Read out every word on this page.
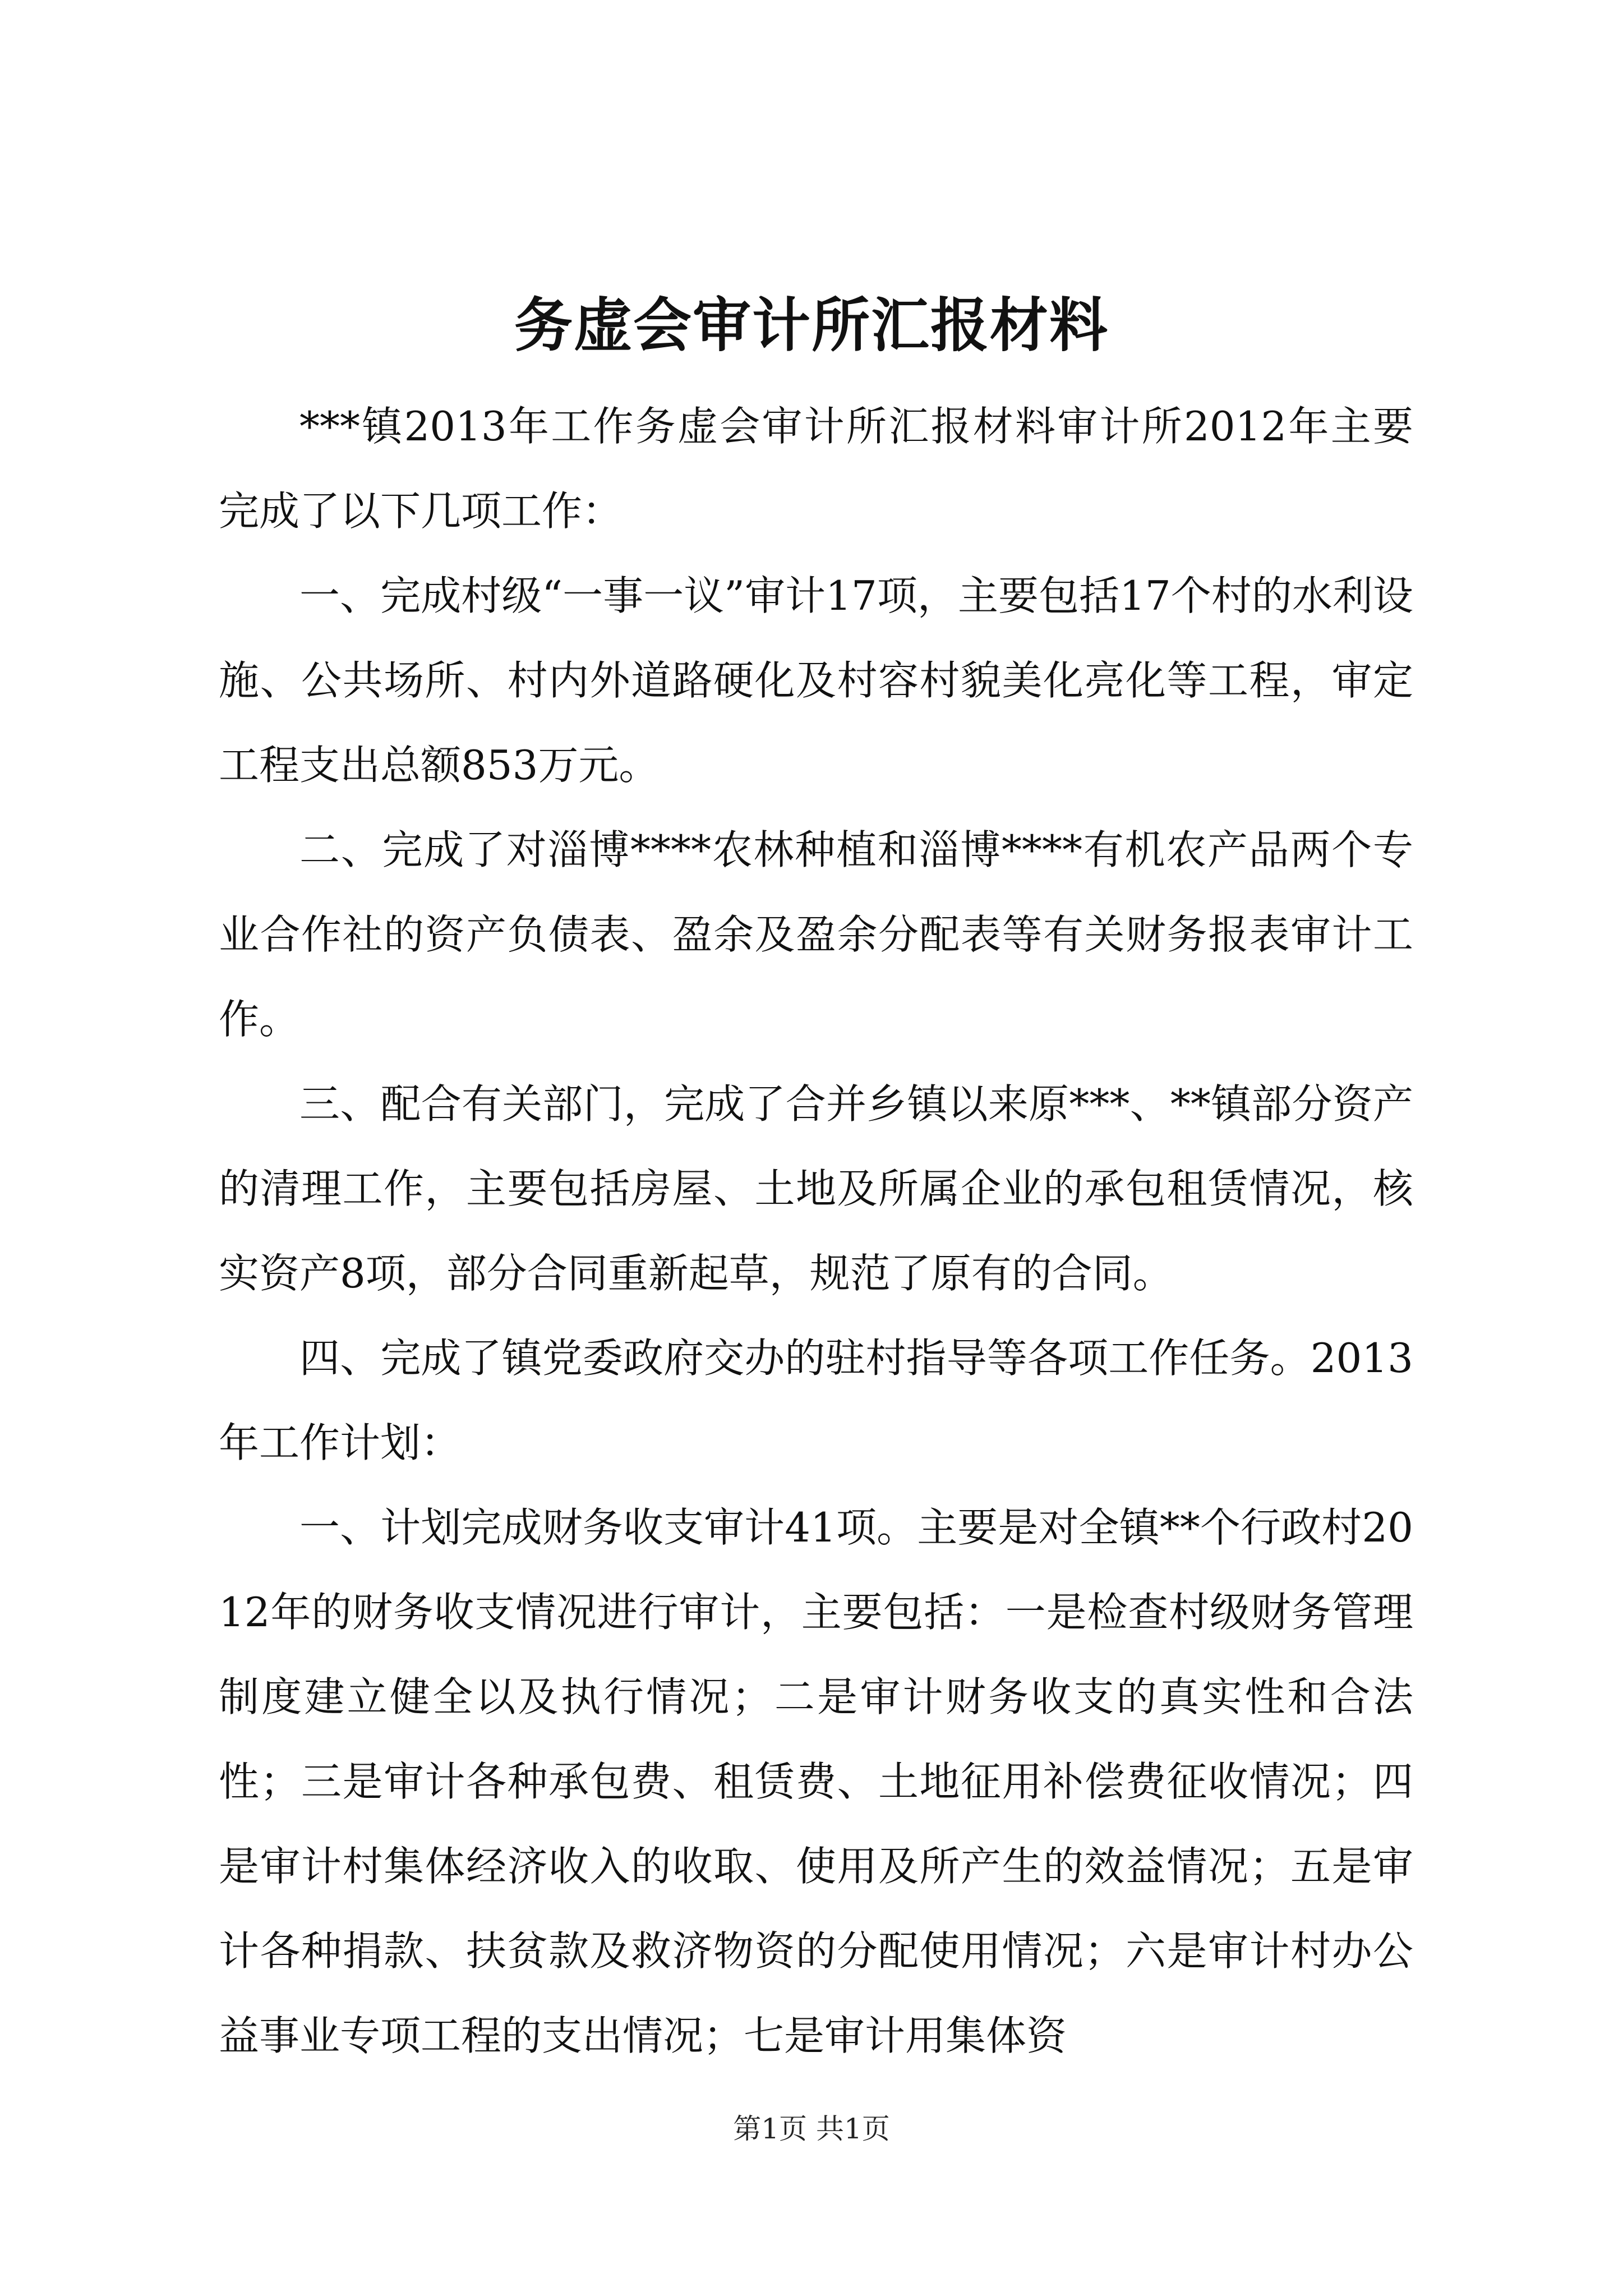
务虚会审计所汇报材料

***镇2013年工作务虚会审计所汇报材料审计所2012年主要完成了以下几项工作：

一、完成村级“一事一议”审计17项，主要包括17个村的水利设施、公共场所、村内外道路硬化及村容村貌美化亮化等工程，审定工程支出总额853万元。

二、完成了对淄博****农林种植和淄博****有机农产品两个专业合作社的资产负债表、盈余及盈余分配表等有关财务报表审计工作。

三、配合有关部门，完成了合并乡镇以来原***、**镇部分资产的清理工作，主要包括房屋、土地及所属企业的承包租赁情况，核实资产8项，部分合同重新起草，规范了原有的合同。

四、完成了镇党委政府交办的驻村指导等各项工作任务。2013年工作计划：

一、计划完成财务收支审计41项。主要是对全镇**个行政村2012年的财务收支情况进行审计，主要包括：一是检查村级财务管理制度建立健全以及执行情况；二是审计财务收支的真实性和合法性；三是审计各种承包费、租赁费、土地征用补偿费征收情况；四是审计村集体经济收入的收取、使用及所产生的效益情况；五是审计各种捐款、扶贫款及救济物资的分配使用情况；六是审计村办公益事业专项工程的支出情况；七是审计用集体资

第1页 共1页
